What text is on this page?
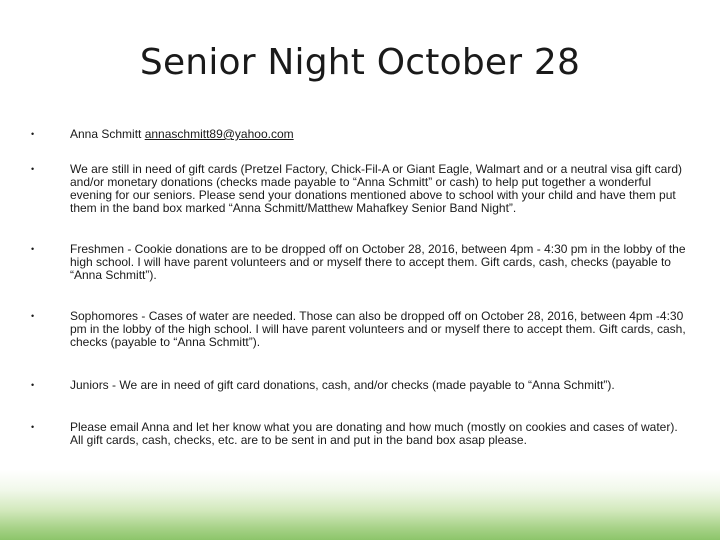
Senior Night October 28
•	Anna Schmitt annaschmitt89@yahoo.com
•	We are still in need of gift cards (Pretzel Factory, Chick-Fil-A or Giant Eagle, Walmart and or a neutral visa gift card) and/or monetary donations (checks made payable to “Anna Schmitt” or cash) to help put together a wonderful evening for our seniors. Please send your donations mentioned above to school with your child and have them put them in the band box marked “Anna Schmitt/Matthew Mahafkey Senior Band Night”.
•	Freshmen - Cookie donations are to be dropped off on October 28, 2016, between 4pm - 4:30 pm in the lobby of the high school. I will have parent volunteers and or myself there to accept them. Gift cards, cash, checks (payable to “Anna Schmitt”).
•	Sophomores - Cases of water are needed. Those can also be dropped off on October 28, 2016, between 4pm -4:30 pm in the lobby of the high school. I will have parent volunteers and or myself there to accept them. Gift cards, cash, checks (payable to “Anna Schmitt”).
•	Juniors - We are in need of gift card donations, cash, and/or checks (made payable to “Anna Schmitt”).
•	Please email Anna and let her know what you are donating and how much (mostly on cookies and cases of water). All gift cards, cash, checks, etc. are to be sent in and put in the band box asap please.
